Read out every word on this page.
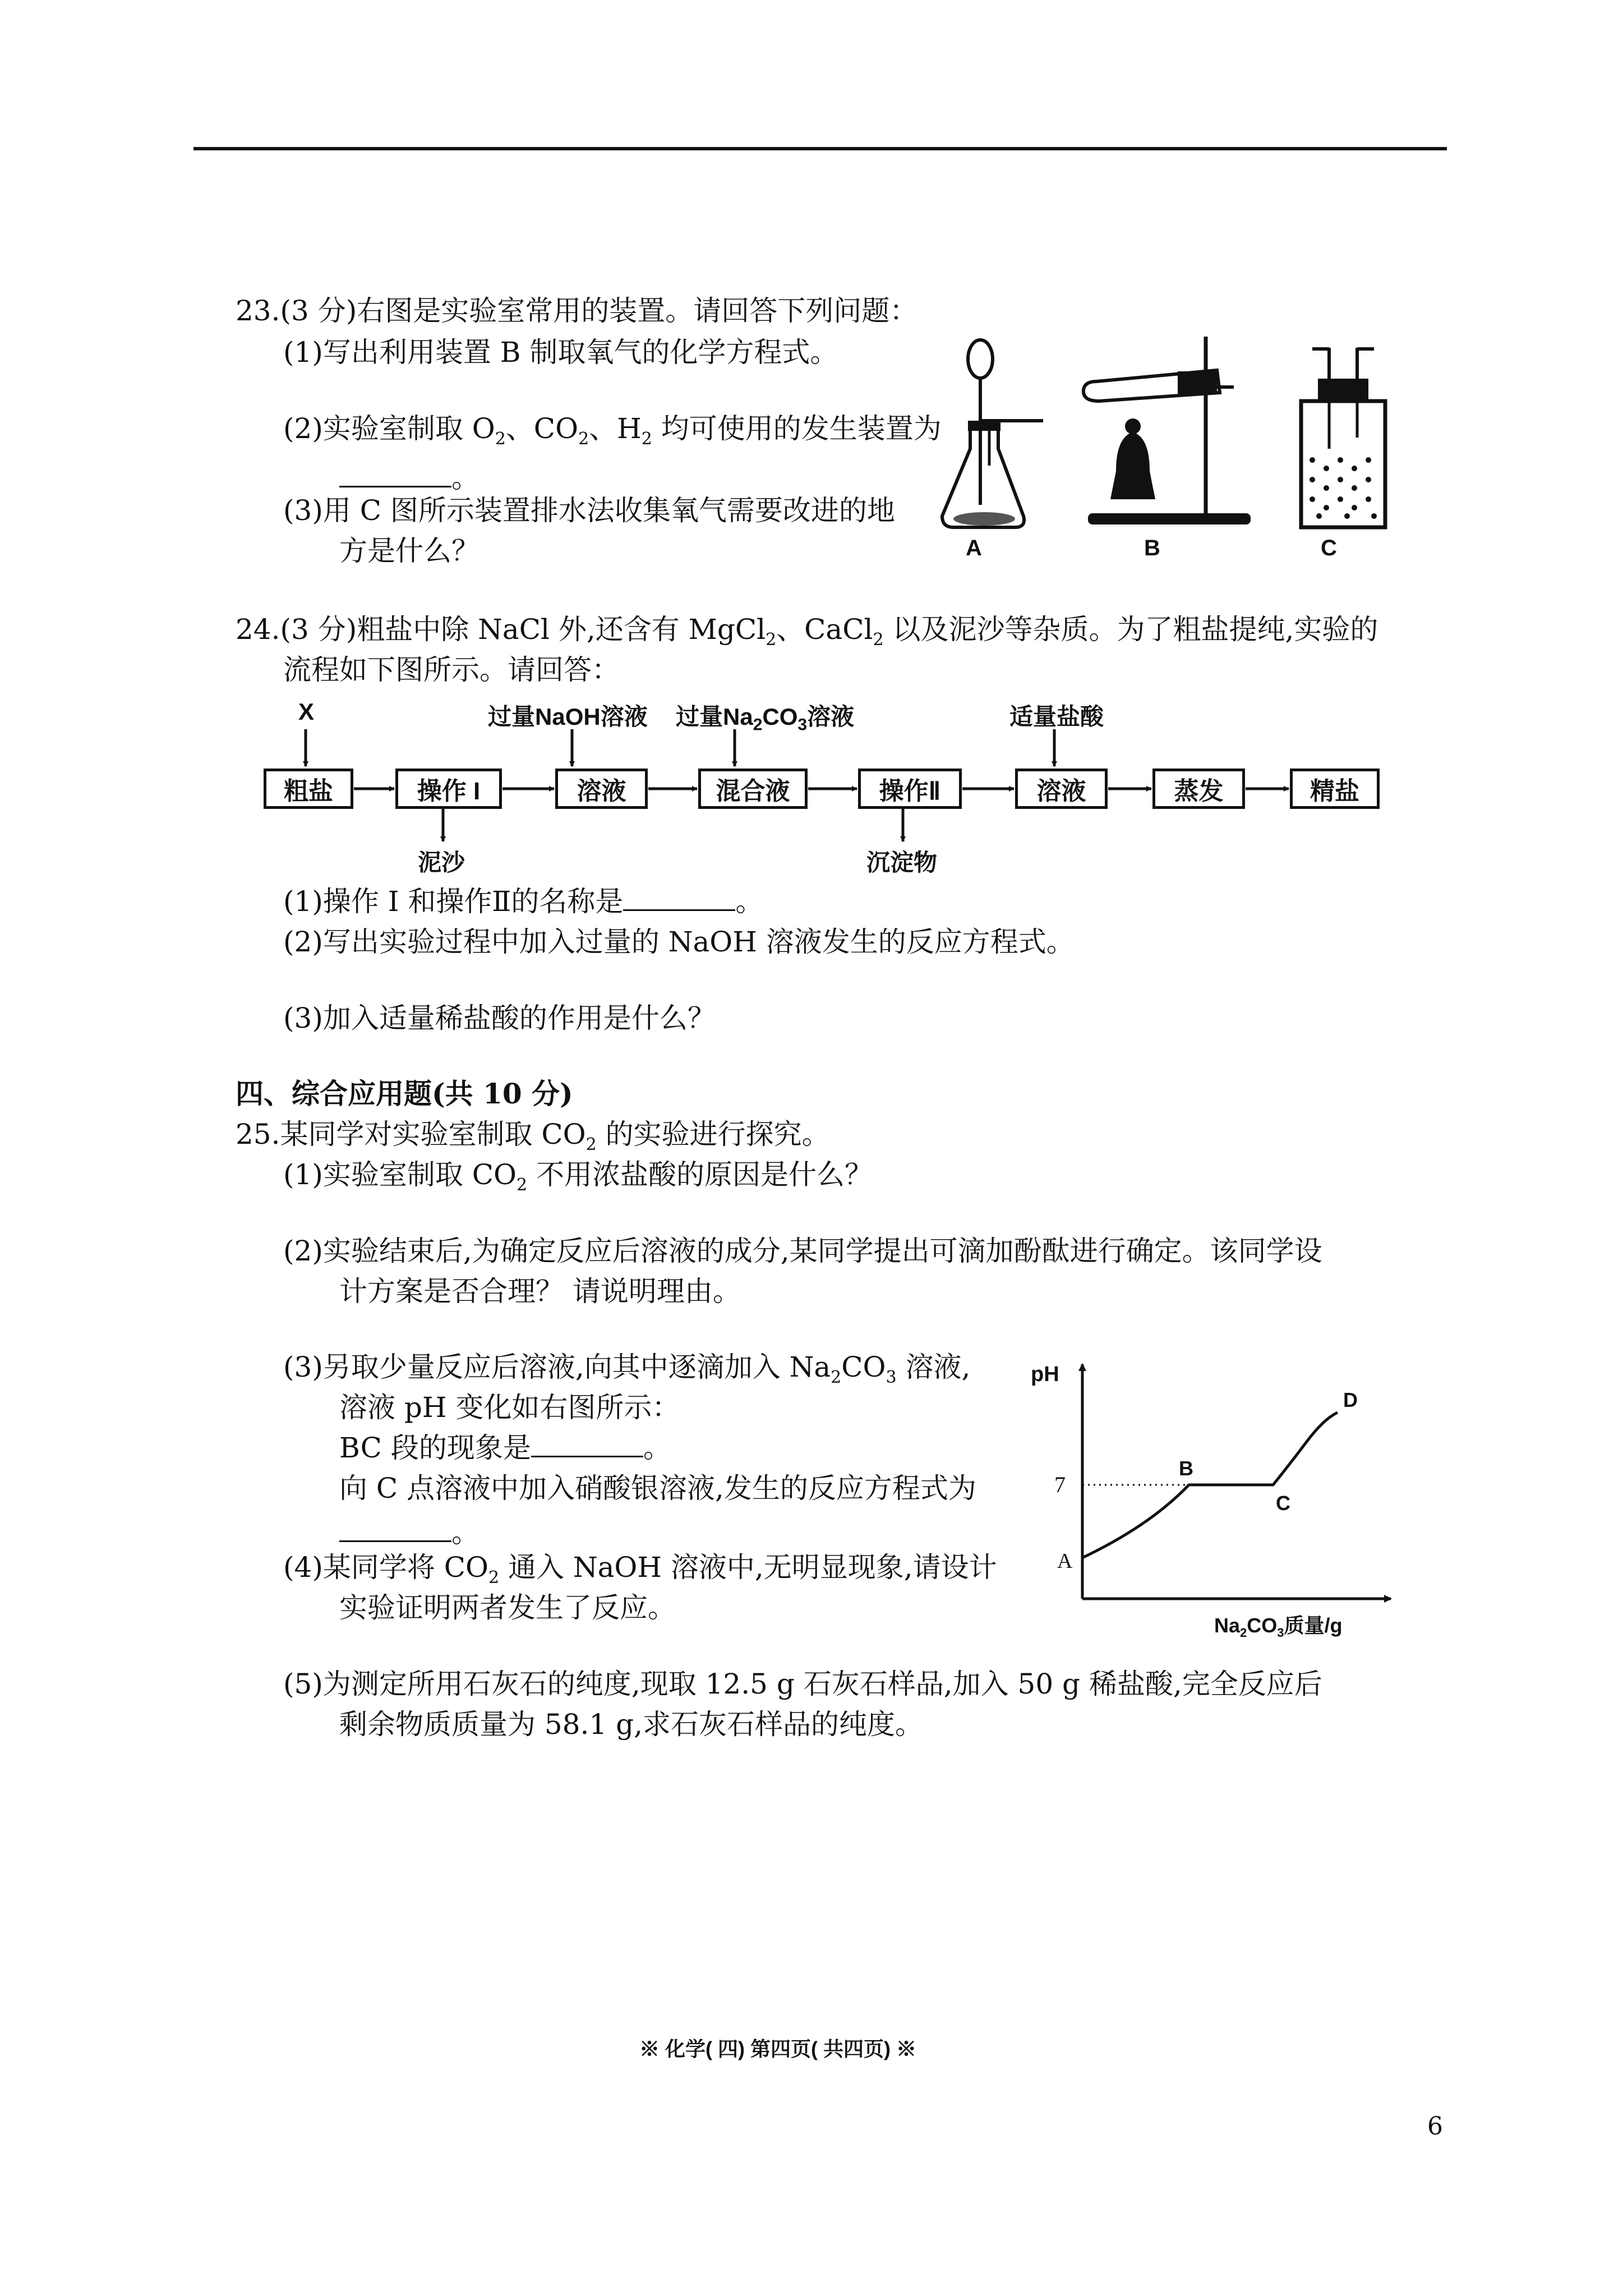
23.(3 分)右图是实验室常用的装置。请回答下列问题：
(1)写出利用装置 B 制取氧气的化学方程式。
(2)实验室制取 $O_2$、$CO_2$、$H_2$ 均可使用的发生装置为
。
(3)用 C 图所示装置排水法收集氧气需要改进的地
方是什么？	A	B	C
24.(3 分)粗盐中除 NaCl 外,还含有 MgCl$_2$、CaCl$_2$ 以及泥沙等杂质。为了粗盐提纯,实验的
流程如下图所示。请回答：
X	过量NaOH溶液 过量$Na_2CO_3$溶液	适量盐酸
粗盐	操作 I	溶液	混合液	操作Ⅱ	溶液	蒸发	精盐
泥沙	沉淀物
(1)操作 I 和操作Ⅱ的名称是	。
(2)写出实验过程中加入过量的 NaOH 溶液发生的反应方程式。
(3)加入适量稀盐酸的作用是什么？
四、综合应用题(共 10 分)
25.某同学对实验室制取 $CO_2$ 的实验进行探究。
(1)实验室制取 $CO_2$ 不用浓盐酸的原因是什么？
(2)实验结束后,为确定反应后溶液的成分,某同学提出可滴加酚酞进行确定。该同学设
计方案是否合理？ 请说明理由。
(3)另取少量反应后溶液,向其中逐滴加入 $Na_2CO_3$ 溶液,
溶液 pH 变化如右图所示：
BC 段的现象是	。
向 C 点溶液中加入硝酸银溶液,发生的反应方程式为
。
(4)某同学将 $CO_2$ 通入 NaOH 溶液中,无明显现象,请设计
实验证明两者发生了反应。
pH
7
A
B
C
D
$Na_2CO_3$质量/g
(5)为测定所用石灰石的纯度,现取 12.5 g 石灰石样品,加入 50 g 稀盐酸,完全反应后
剩余物质质量为 58.1 g,求石灰石样品的纯度。
※ 化学( 四) 第四页( 共四页) ※
6
